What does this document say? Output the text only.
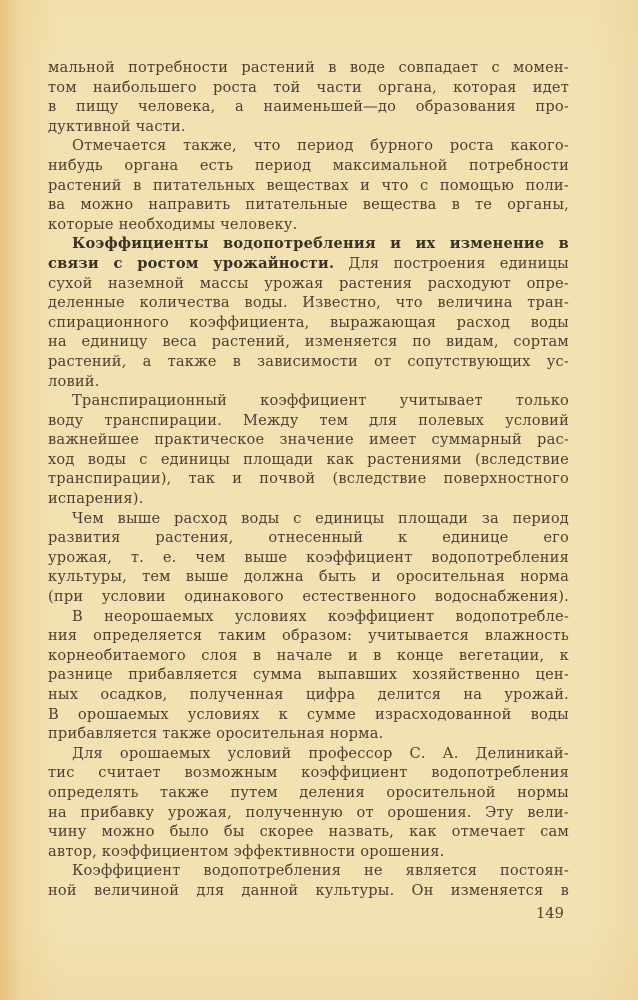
мальной потребности растений в воде совпадает с момен-
том наибольшего роста той части органа, которая идет
в пищу человека, а наименьшей—до образования про-
дуктивной части.
Отмечается также, что период бурного роста какого-
нибудь органа есть период максимальной потребности
растений в питательных веществах и что с помощью поли-
ва можно направить питательные вещества в те органы,
которые необходимы человеку.
Коэффициенты водопотребления и их изменение в
связи с ростом урожайности. Для построения единицы
сухой наземной массы урожая растения расходуют опре-
деленные количества воды. Известно, что величина тран-
спирационного коэффициента, выражающая расход воды
на единицу веса растений, изменяется по видам, сортам
растений, а также в зависимости от сопутствующих ус-
ловий.
Транспирационный коэффициент учитывает только
воду транспирации. Между тем для полевых условий
важнейшее практическое значение имеет суммарный рас-
ход воды с единицы площади как растениями (вследствие
транспирации), так и почвой (вследствие поверхностного
испарения).
Чем выше расход воды с единицы площади за период
развития растения, отнесенный к единице его
урожая, т. е. чем выше коэффициент водопотребления
культуры, тем выше должна быть и оросительная норма
(при условии одинакового естественного водоснабжения).
В неорошаемых условиях коэффициент водопотребле-
ния определяется таким образом: учитывается влажность
корнеобитаемого слоя в начале и в конце вегетации, к
разнице прибавляется сумма выпавших хозяйственно цен-
ных осадков, полученная цифра делится на урожай.
В орошаемых условиях к сумме израсходованной воды
прибавляется также оросительная норма.
Для орошаемых условий профессор С. А. Делиникай-
тис считает возможным коэффициент водопотребления
определять также путем деления оросительной нормы
на прибавку урожая, полученную от орошения. Эту вели-
чину можно было бы скорее назвать, как отмечает сам
автор, коэффициентом эффективности орошения.
Коэффициент водопотребления не является постоян-
ной величиной для данной культуры. Он изменяется в
149
